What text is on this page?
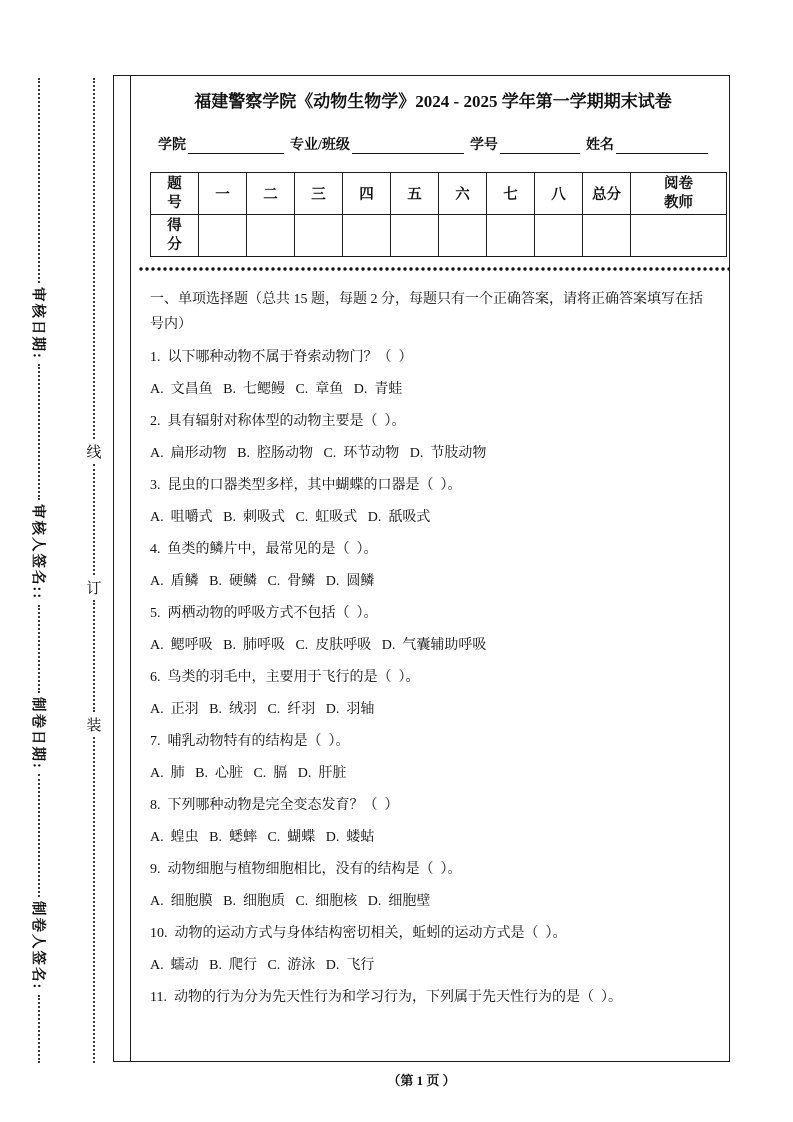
审核日期:
审核人签名::
制卷日期:
制卷人签名:
线
订
装
福建警察学院《动物生物学》2024 - 2025 学年第一学期期末试卷
学院	专业/班级	学号	姓名
题号	一	二	三	四	五	六	七	八	总分	阅卷教师
得分										
一、单项选择题（总共 15 题，每题 2 分，每题只有一个正确答案，请将正确答案填写在括号内）

1.  以下哪种动物不属于脊索动物门？（  ）

A.  文昌鱼   B.  七鳃鳗   C.  章鱼   D.  青蛙

2.  具有辐射对称体型的动物主要是（  ）。

A.  扁形动物   B.  腔肠动物   C.  环节动物   D.  节肢动物

3.  昆虫的口器类型多样，其中蝴蝶的口器是（  ）。

A.  咀嚼式   B.  刺吸式   C.  虹吸式   D.  舐吸式

4.  鱼类的鳞片中，最常见的是（  ）。

A.  盾鳞   B.  硬鳞   C.  骨鳞   D.  圆鳞

5.  两栖动物的呼吸方式不包括（  ）。

A.  鳃呼吸   B.  肺呼吸   C.  皮肤呼吸   D.  气囊辅助呼吸

6.  鸟类的羽毛中，主要用于飞行的是（  ）。

A.  正羽   B.  绒羽   C.  纤羽   D.  羽轴

7.  哺乳动物特有的结构是（  ）。

A.  肺   B.  心脏   C.  膈   D.  肝脏

8.  下列哪种动物是完全变态发育？（  ）

A.  蝗虫   B.  蟋蟀   C.  蝴蝶   D.  蝼蛄

9.  动物细胞与植物细胞相比，没有的结构是（  ）。

A.  细胞膜   B.  细胞质   C.  细胞核   D.  细胞壁

10.  动物的运动方式与身体结构密切相关，蚯蚓的运动方式是（  ）。

A.  蠕动   B.  爬行   C.  游泳   D.  飞行

11.  动物的行为分为先天性行为和学习行为，下列属于先天性行为的是（  ）。

（第 1 页 ）
